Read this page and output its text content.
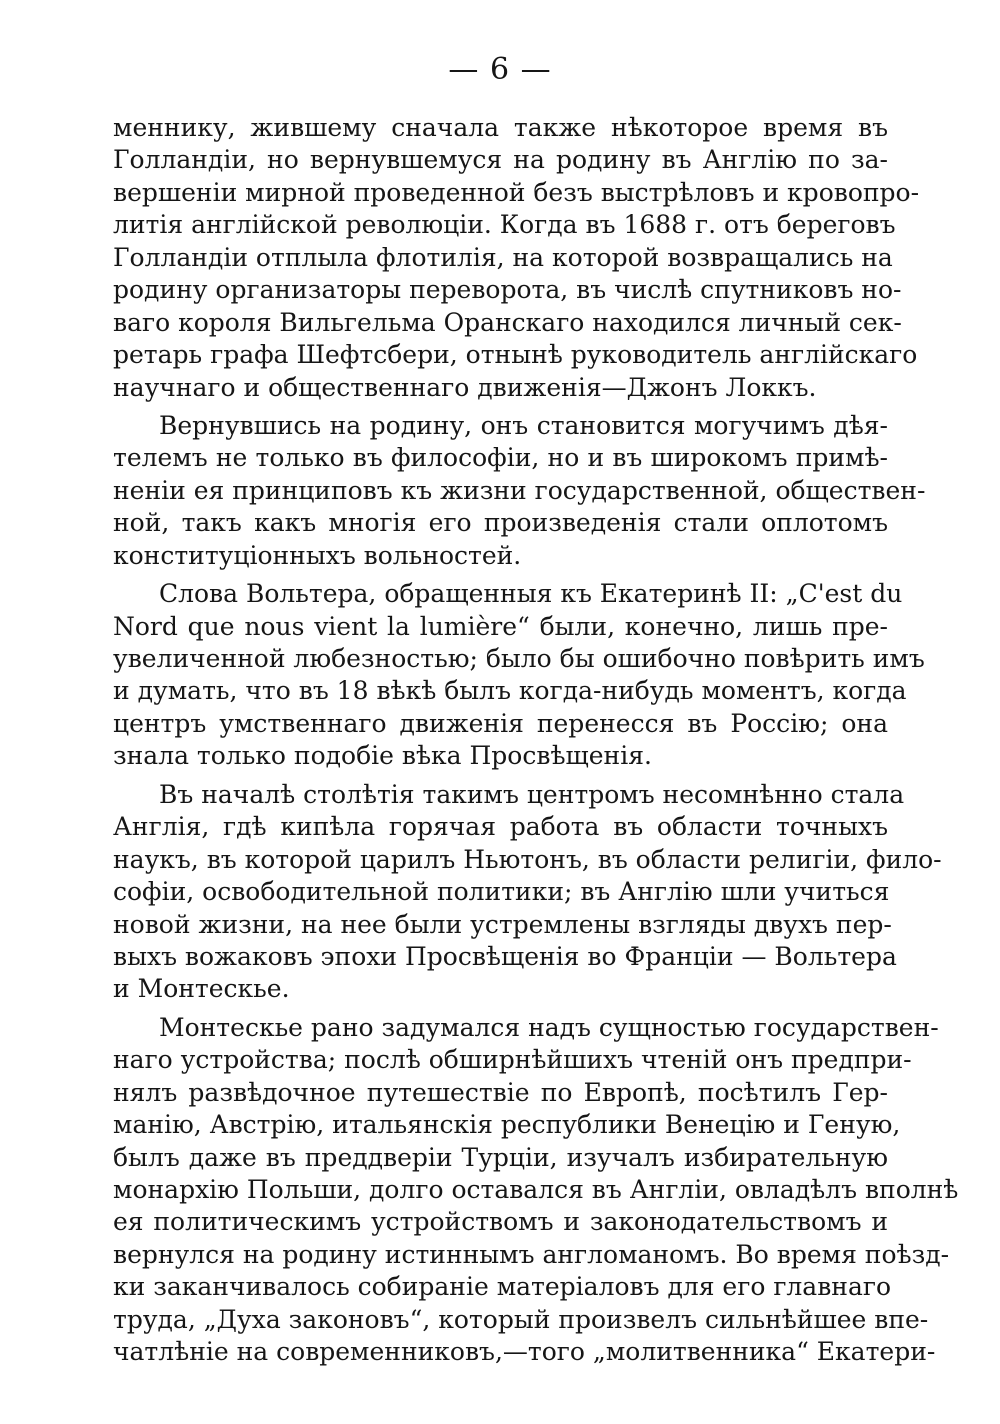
— 6 —
меннику, жившему сначала также нѣкоторое время въ
Голландіи, но вернувшемуся на родину въ Англію по за-
вершеніи мирной проведенной безъ выстрѣловъ и кровопро-
литія англійской революціи. Когда въ 1688 г. отъ береговъ
Голландіи отплыла флотилія, на которой возвращались на
родину организаторы переворота, въ числѣ спутниковъ но-
ваго короля Вильгельма Оранскаго находился личный сек-
ретарь графа Шефтсбери, отнынѣ руководитель англійскаго
научнаго и общественнаго движенія—Джонъ Локкъ.
Вернувшись на родину, онъ становится могучимъ дѣя-
телемъ не только въ философіи, но и въ широкомъ примѣ-
неніи ея принциповъ къ жизни государственной, обществен-
ной, такъ какъ многія его произведенія стали оплотомъ
конституціонныхъ вольностей.
Слова Вольтера, обращенныя къ Екатеринѣ II: „C'est du
Nord que nous vient la lumière“ были, конечно, лишь пре-
увеличенной любезностью; было бы ошибочно повѣрить имъ
и думать, что въ 18 вѣкѣ былъ когда-нибудь моментъ, когда
центръ умственнаго движенія перенесся въ Россію; она
знала только подобіе вѣка Просвѣщенія.
Въ началѣ столѣтія такимъ центромъ несомнѣнно стала
Англія, гдѣ кипѣла горячая работа въ области точныхъ
наукъ, въ которой царилъ Ньютонъ, въ области религіи, фило-
софіи, освободительной политики; въ Англію шли учиться
новой жизни, на нее были устремлены взгляды двухъ пер-
выхъ вожаковъ эпохи Просвѣщенія во Франціи — Вольтера
и Монтескье.
Монтескье рано задумался надъ сущностью государствен-
наго устройства; послѣ обширнѣйшихъ чтеній онъ предпри-
нялъ развѣдочное путешествіе по Европѣ, посѣтилъ Гер-
манію, Австрію, итальянскія республики Венецію и Геную,
былъ даже въ преддверіи Турціи, изучалъ избирательную
монархію Польши, долго оставался въ Англіи, овладѣлъ вполнѣ
ея политическимъ устройствомъ и законодательствомъ и
вернулся на родину истиннымъ англоманомъ. Во время поѣзд-
ки заканчивалось собираніе матеріаловъ для его главнаго
труда, „Духа законовъ“, который произвелъ сильнѣйшее впе-
чатлѣніе на современниковъ,—того „молитвенника“ Екатери-
